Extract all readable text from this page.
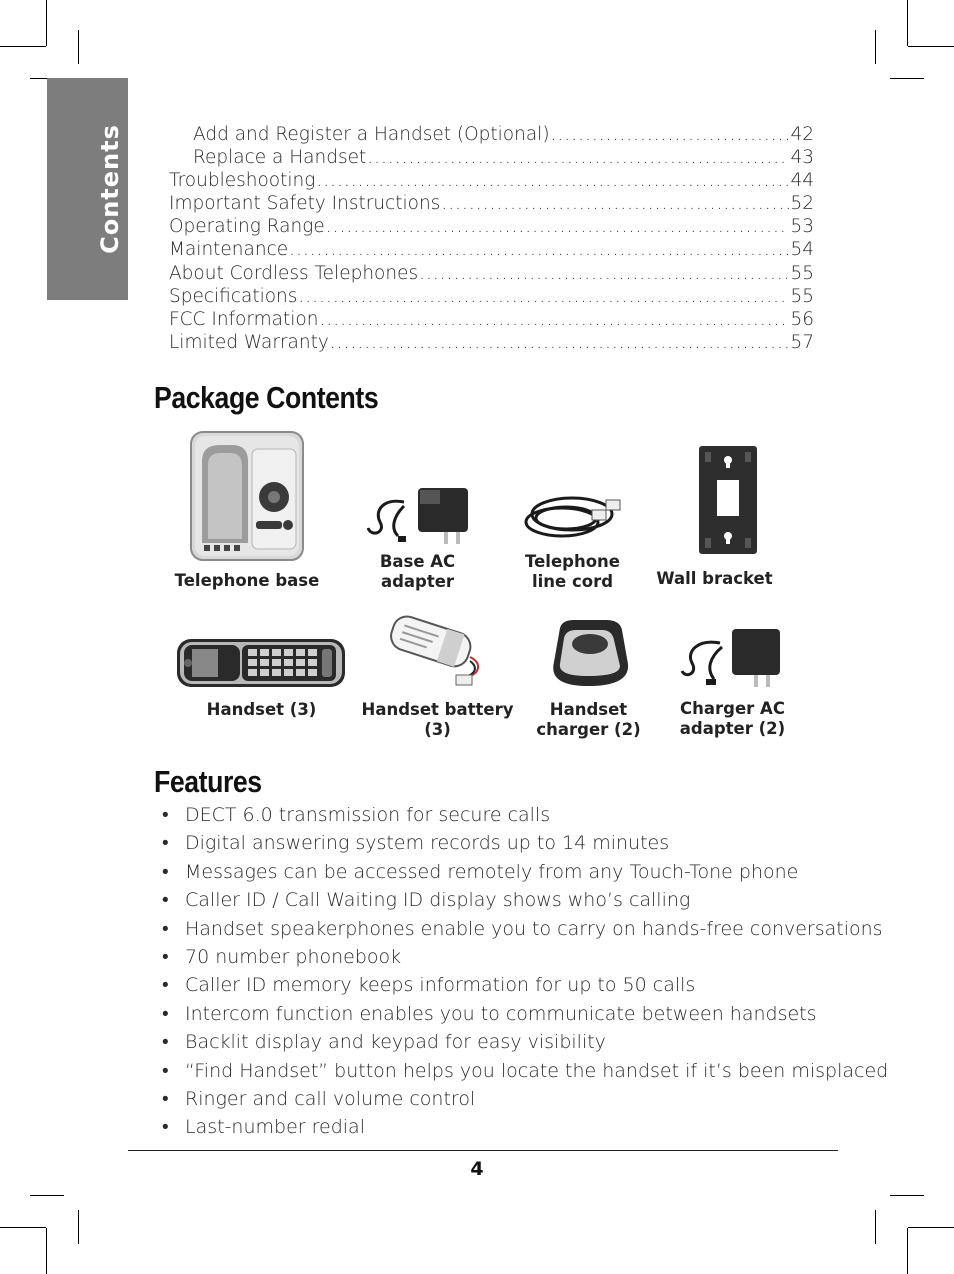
Contents	Add and Register a Handset (Optional) .....	42
Replace a Handset .....	43
Troubleshooting .....	44
Important Safety Instructions .....	52
Operating Range .....	53
Maintenance .....	54
About Cordless Telephones .....	55
Specifications .....	55
FCC Information .....	56
Limited Warranty .....	57
Package Contents
Telephone base
Base AC
adapter
Telephone
line cord	Wall bracket
Handset (3)	Handset battery
(3)
Handset
charger (2)
Charger AC
adapter (2)
Features
• DECT 6.0 transmission for secure calls
• Digital answering system records up to 14 minutes
• Messages can be accessed remotely from any Touch-Tone phone
• Caller ID / Call Waiting ID display shows who’s calling
• Handset speakerphones enable you to carry on hands-free conversations
• 70 number phonebook
• Caller ID memory keeps information for up to 50 calls
• Intercom function enables you to communicate between handsets
• Backlit display and keypad for easy visibility
• “Find Handset” button helps you locate the handset if it’s been misplaced
• Ringer and call volume control
• Last-number redial
4
